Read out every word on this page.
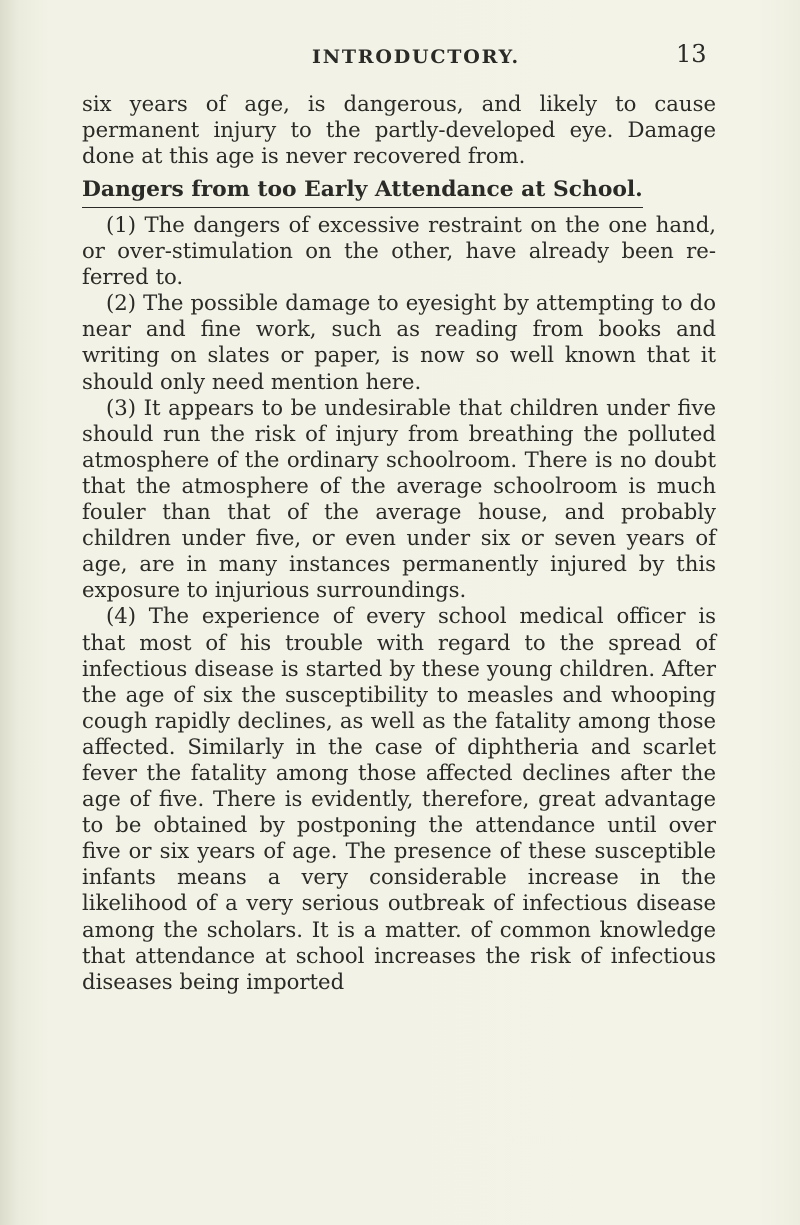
INTRODUCTORY.	13

six years of age, is dangerous, and likely to cause permanent injury to the partly-developed eye. Damage done at this age is never recovered from.

Dangers from too Early Attendance at School.

(1) The dangers of excessive restraint on the one hand, or over-stimulation on the other, have already been re-ferred to.

(2) The possible damage to eyesight by attempting to do near and fine work, such as reading from books and writing on slates or paper, is now so well known that it should only need mention here.

(3) It appears to be undesirable that children under five should run the risk of injury from breathing the polluted atmosphere of the ordinary schoolroom. There is no doubt that the atmosphere of the average schoolroom is much fouler than that of the average house, and probably children under five, or even under six or seven years of age, are in many instances permanently injured by this exposure to injurious surroundings.

(4) The experience of every school medical officer is that most of his trouble with regard to the spread of infectious disease is started by these young children. After the age of six the susceptibility to measles and whooping cough rapidly declines, as well as the fatality among those affected. Similarly in the case of diphtheria and scarlet fever the fatality among those affected declines after the age of five. There is evidently, therefore, great advantage to be obtained by postponing the attendance until over five or six years of age. The presence of these susceptible infants means a very considerable increase in the likelihood of a very serious outbreak of infectious disease among the scholars. It is a matter. of common knowledge that attendance at school increases the risk of infectious diseases being imported
